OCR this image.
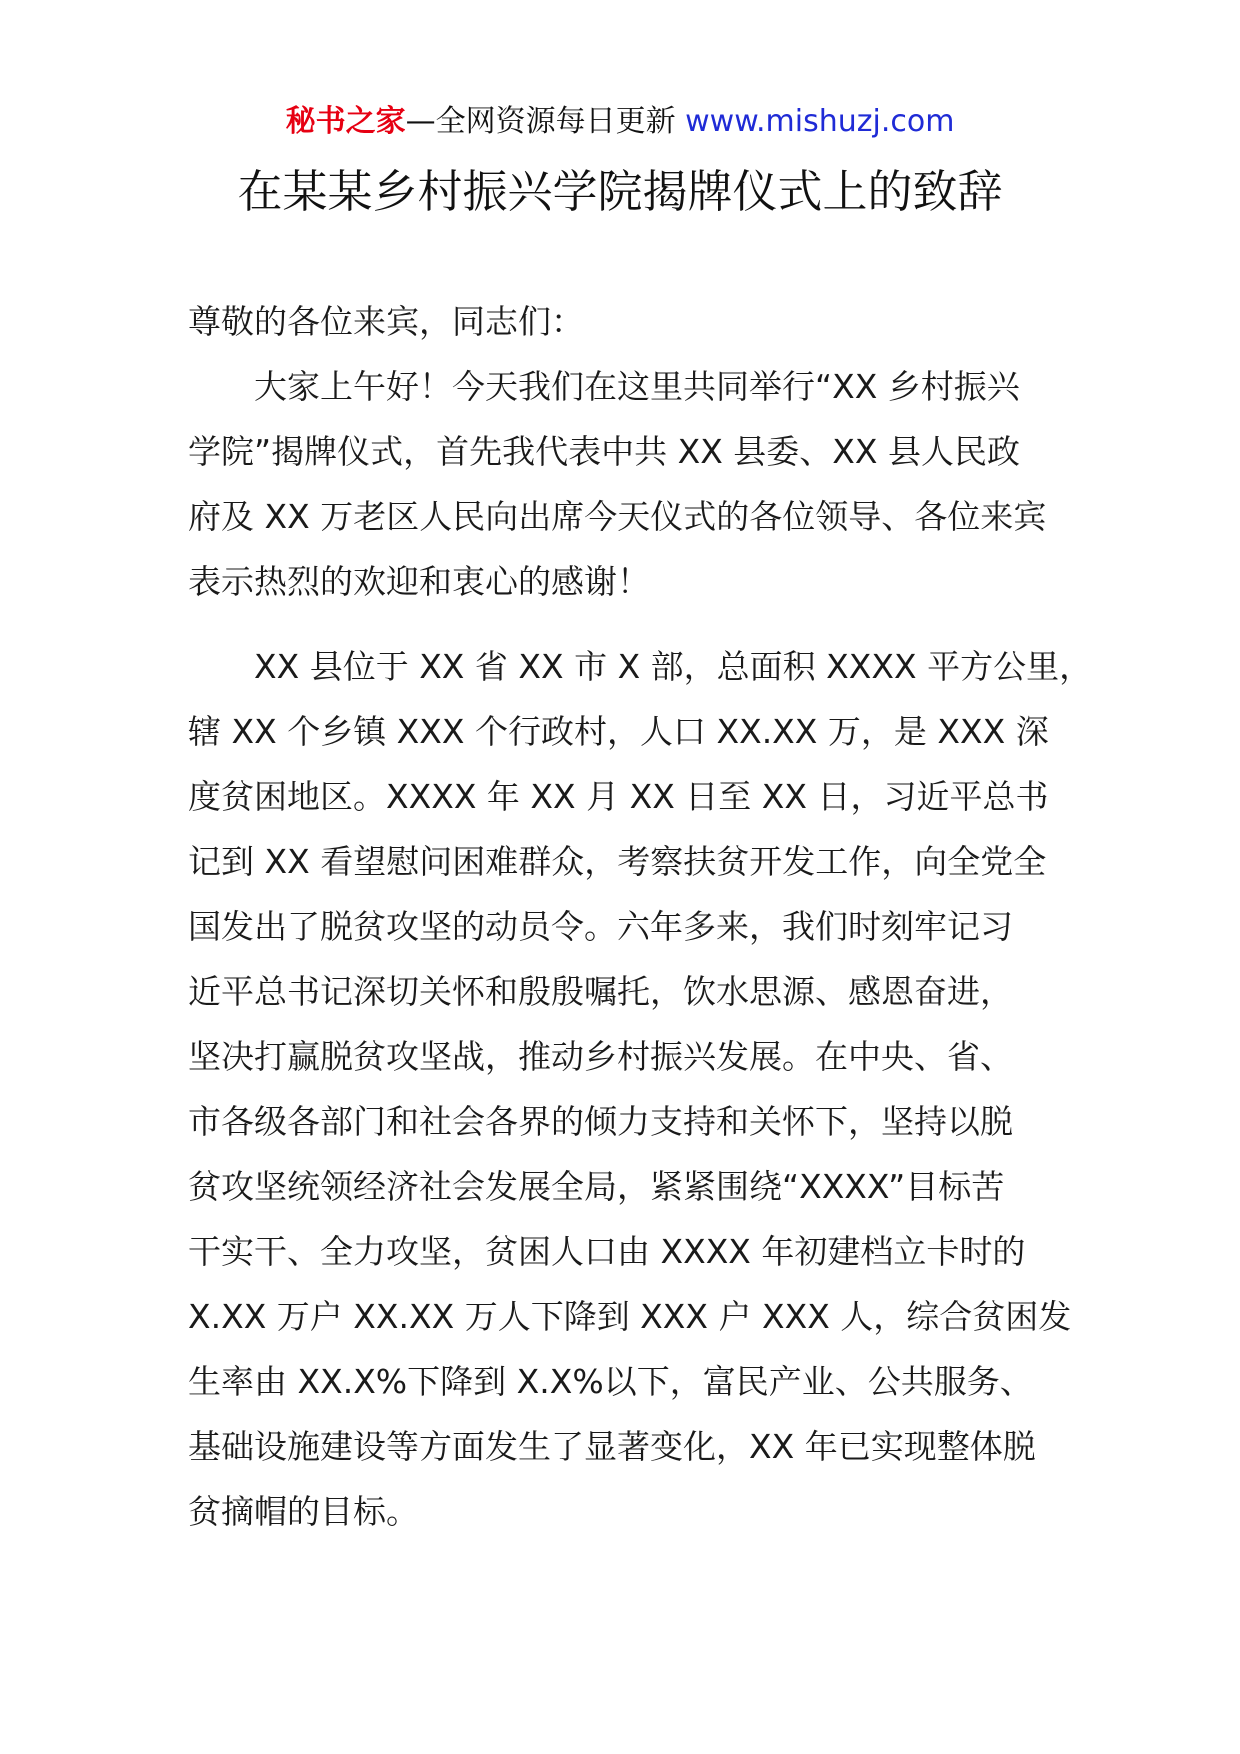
秘书之家—全网资源每日更新 www.mishuzj.com
在某某乡村振兴学院揭牌仪式上的致辞
尊敬的各位来宾，同志们：
大家上午好！今天我们在这里共同举行“XX 乡村振兴
学院”揭牌仪式，首先我代表中共 XX 县委、XX 县人民政
府及 XX 万老区人民向出席今天仪式的各位领导、各位来宾
表示热烈的欢迎和衷心的感谢！
XX 县位于 XX 省 XX 市 X 部，总面积 XXXX 平方公里，
辖 XX 个乡镇 XXX 个行政村，人口 XX.XX 万，是 XXX 深
度贫困地区。XXXX 年 XX 月 XX 日至 XX 日，习近平总书
记到 XX 看望慰问困难群众，考察扶贫开发工作，向全党全
国发出了脱贫攻坚的动员令。六年多来，我们时刻牢记习
近平总书记深切关怀和殷殷嘱托，饮水思源、感恩奋进，
坚决打赢脱贫攻坚战，推动乡村振兴发展。在中央、省、
市各级各部门和社会各界的倾力支持和关怀下，坚持以脱
贫攻坚统领经济社会发展全局，紧紧围绕“XXXX”目标苦
干实干、全力攻坚，贫困人口由 XXXX 年初建档立卡时的
X.XX 万户 XX.XX 万人下降到 XXX 户 XXX 人，综合贫困发
生率由 XX.X%下降到 X.X%以下，富民产业、公共服务、
基础设施建设等方面发生了显著变化，XX 年已实现整体脱
贫摘帽的目标。
